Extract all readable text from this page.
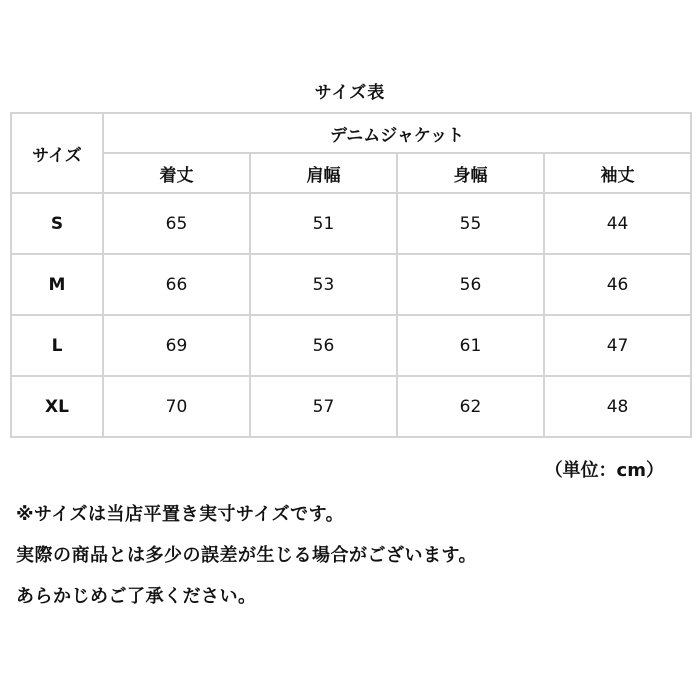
サイズ表
サイズ	デニムジャケット			
	着丈	肩幅	身幅	袖丈
S	65	51	55	44
M	66	53	56	46
L	69	56	61	47
XL	70	57	62	48
（単位：cm）
※サイズは当店平置き実寸サイズです。
実際の商品とは多少の誤差が生じる場合がございます。
あらかじめご了承ください。
